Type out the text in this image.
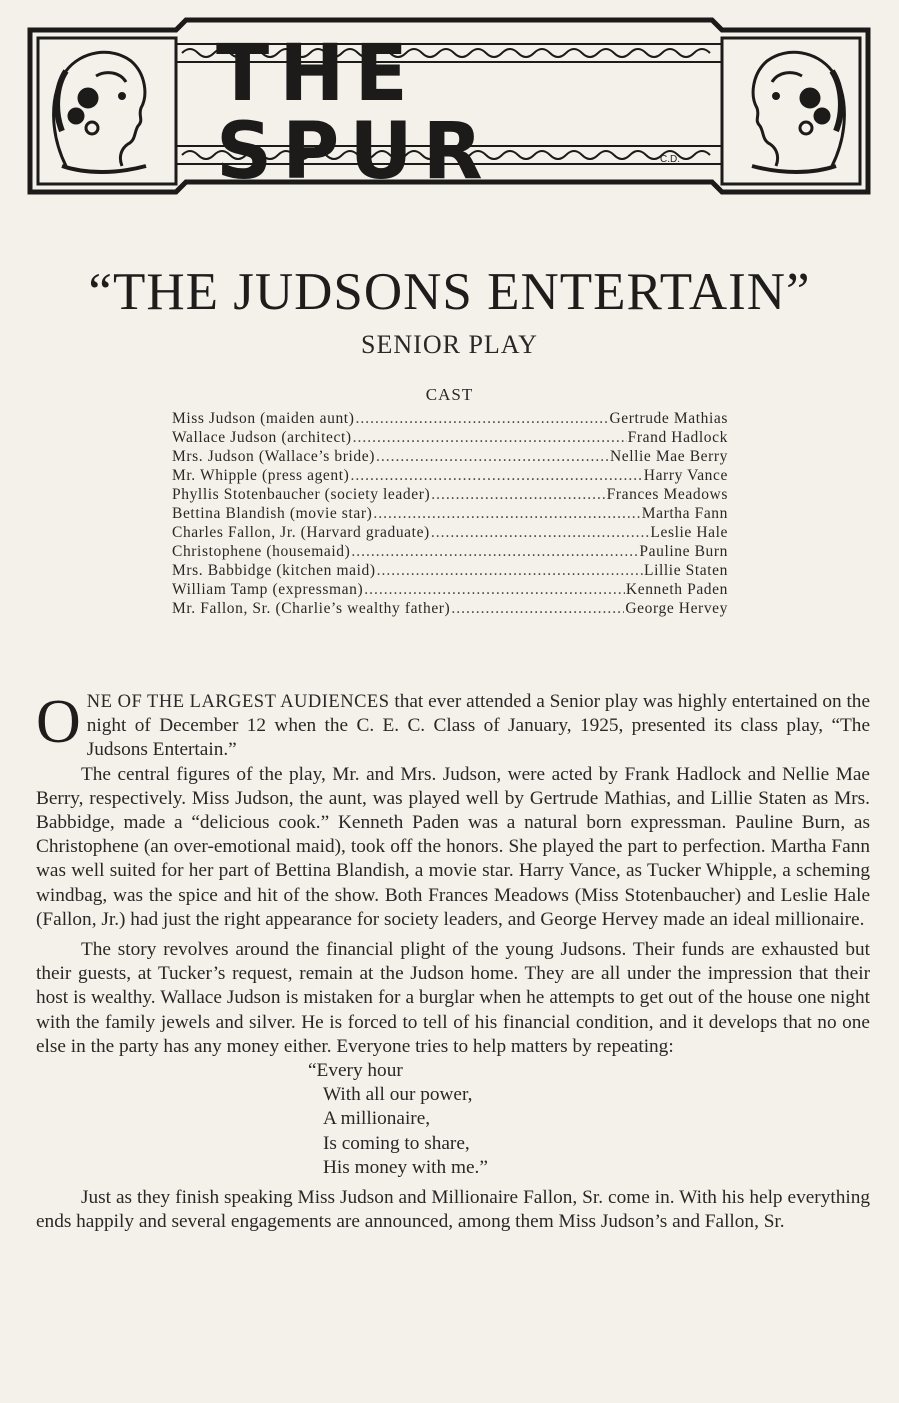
THE SPUR	C.D.
“THE JUDSONS ENTERTAIN”
SENIOR PLAY
CAST
Miss Judson (maiden aunt) .....	Gertrude Mathias
Wallace Judson (architect) .....	Frand Hadlock
Mrs. Judson (Wallace’s bride) .....	Nellie Mae Berry
Mr. Whipple (press agent) .....	Harry Vance
Phyllis Stotenbaucher (society leader) .....	Frances Meadows
Bettina Blandish (movie star) .....	Martha Fann
Charles Fallon, Jr. (Harvard graduate) .....	Leslie Hale
Christophene (housemaid) .....	Pauline Burn
Mrs. Babbidge (kitchen maid) .....	Lillie Staten
William Tamp (expressman) .....	Kenneth Paden
Mr. Fallon, Sr. (Charlie’s wealthy father) .....	George Hervey

ONE OF THE LARGEST AUDIENCES that ever attended a Senior play was highly entertained on the night of December 12 when the C. E. C. Class of January, 1925, presented its class play, “The Judsons Entertain.”

The central figures of the play, Mr. and Mrs. Judson, were acted by Frank Hadlock and Nellie Mae Berry, respectively. Miss Judson, the aunt, was played well by Gertrude Mathias, and Lillie Staten as Mrs. Babbidge, made a “delicious cook.” Kenneth Paden was a natural born expressman. Pauline Burn, as Christophene (an over-emotional maid), took off the honors. She played the part to perfection. Martha Fann was well suited for her part of Bettina Blandish, a movie star. Harry Vance, as Tucker Whipple, a scheming windbag, was the spice and hit of the show. Both Frances Meadows (Miss Stotenbaucher) and Leslie Hale (Fallon, Jr.) had just the right appearance for society leaders, and George Hervey made an ideal millionaire.

The story revolves around the financial plight of the young Judsons. Their funds are exhausted but their guests, at Tucker’s request, remain at the Judson home. They are all under the impression that their host is wealthy. Wallace Judson is mistaken for a burglar when he attempts to get out of the house one night with the family jewels and silver. He is forced to tell of his financial condition, and it develops that no one else in the party has any money either. Everyone tries to help matters by repeating:

“Every hour
With all our power,
A millionaire,
Is coming to share,
His money with me.”

Just as they finish speaking Miss Judson and Millionaire Fallon, Sr. come in. With his help everything ends happily and several engagements are announced, among them Miss Judson’s and Fallon, Sr.
